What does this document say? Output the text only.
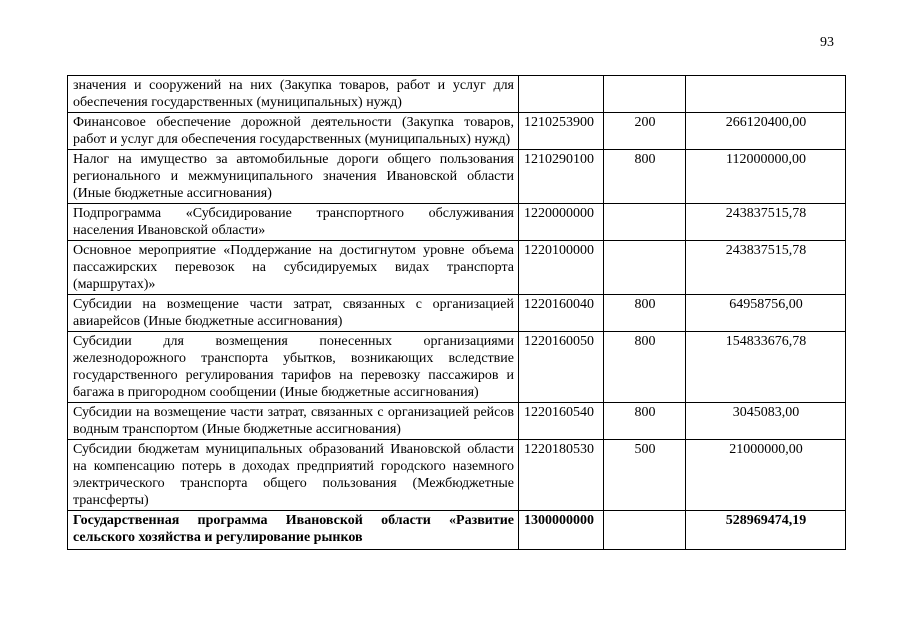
93
значения и сооружений на них (Закупка товаров, работ и услуг для обеспечения государственных (муниципальных) нужд)			
Финансовое обеспечение дорожной деятельности (Закупка товаров, работ и услуг для обеспечения государственных (муниципальных) нужд)	1210253900	200	266120400,00
Налог на имущество за автомобильные дороги общего пользования регионального и межмуниципального значения Ивановской области (Иные бюджетные ассигнования)	1210290100	800	112000000,00
Подпрограмма «Субсидирование транспортного обслуживания населения Ивановской области»	1220000000		243837515,78
Основное мероприятие «Поддержание на достигнутом уровне объема пассажирских перевозок на субсидируемых видах транспорта (маршрутах)»	1220100000		243837515,78
Субсидии на возмещение части затрат, связанных с организацией авиарейсов (Иные бюджетные ассигнования)	1220160040	800	64958756,00
Субсидии для возмещения понесенных организациями железнодорожного транспорта убытков, возникающих вследствие государственного регулирования тарифов на перевозку пассажиров и багажа в пригородном сообщении (Иные бюджетные ассигнования)	1220160050	800	154833676,78
Субсидии на возмещение части затрат, связанных с организацией рейсов водным транспортом (Иные бюджетные ассигнования)	1220160540	800	3045083,00
Субсидии бюджетам муниципальных образований Ивановской области на компенсацию потерь в доходах предприятий городского наземного электрического транспорта общего пользования (Межбюджетные трансферты)	1220180530	500	21000000,00

Государственная программа Ивановской области «Развитие сельского хозяйства и регулирование рынков	1300000000		528969474,19
